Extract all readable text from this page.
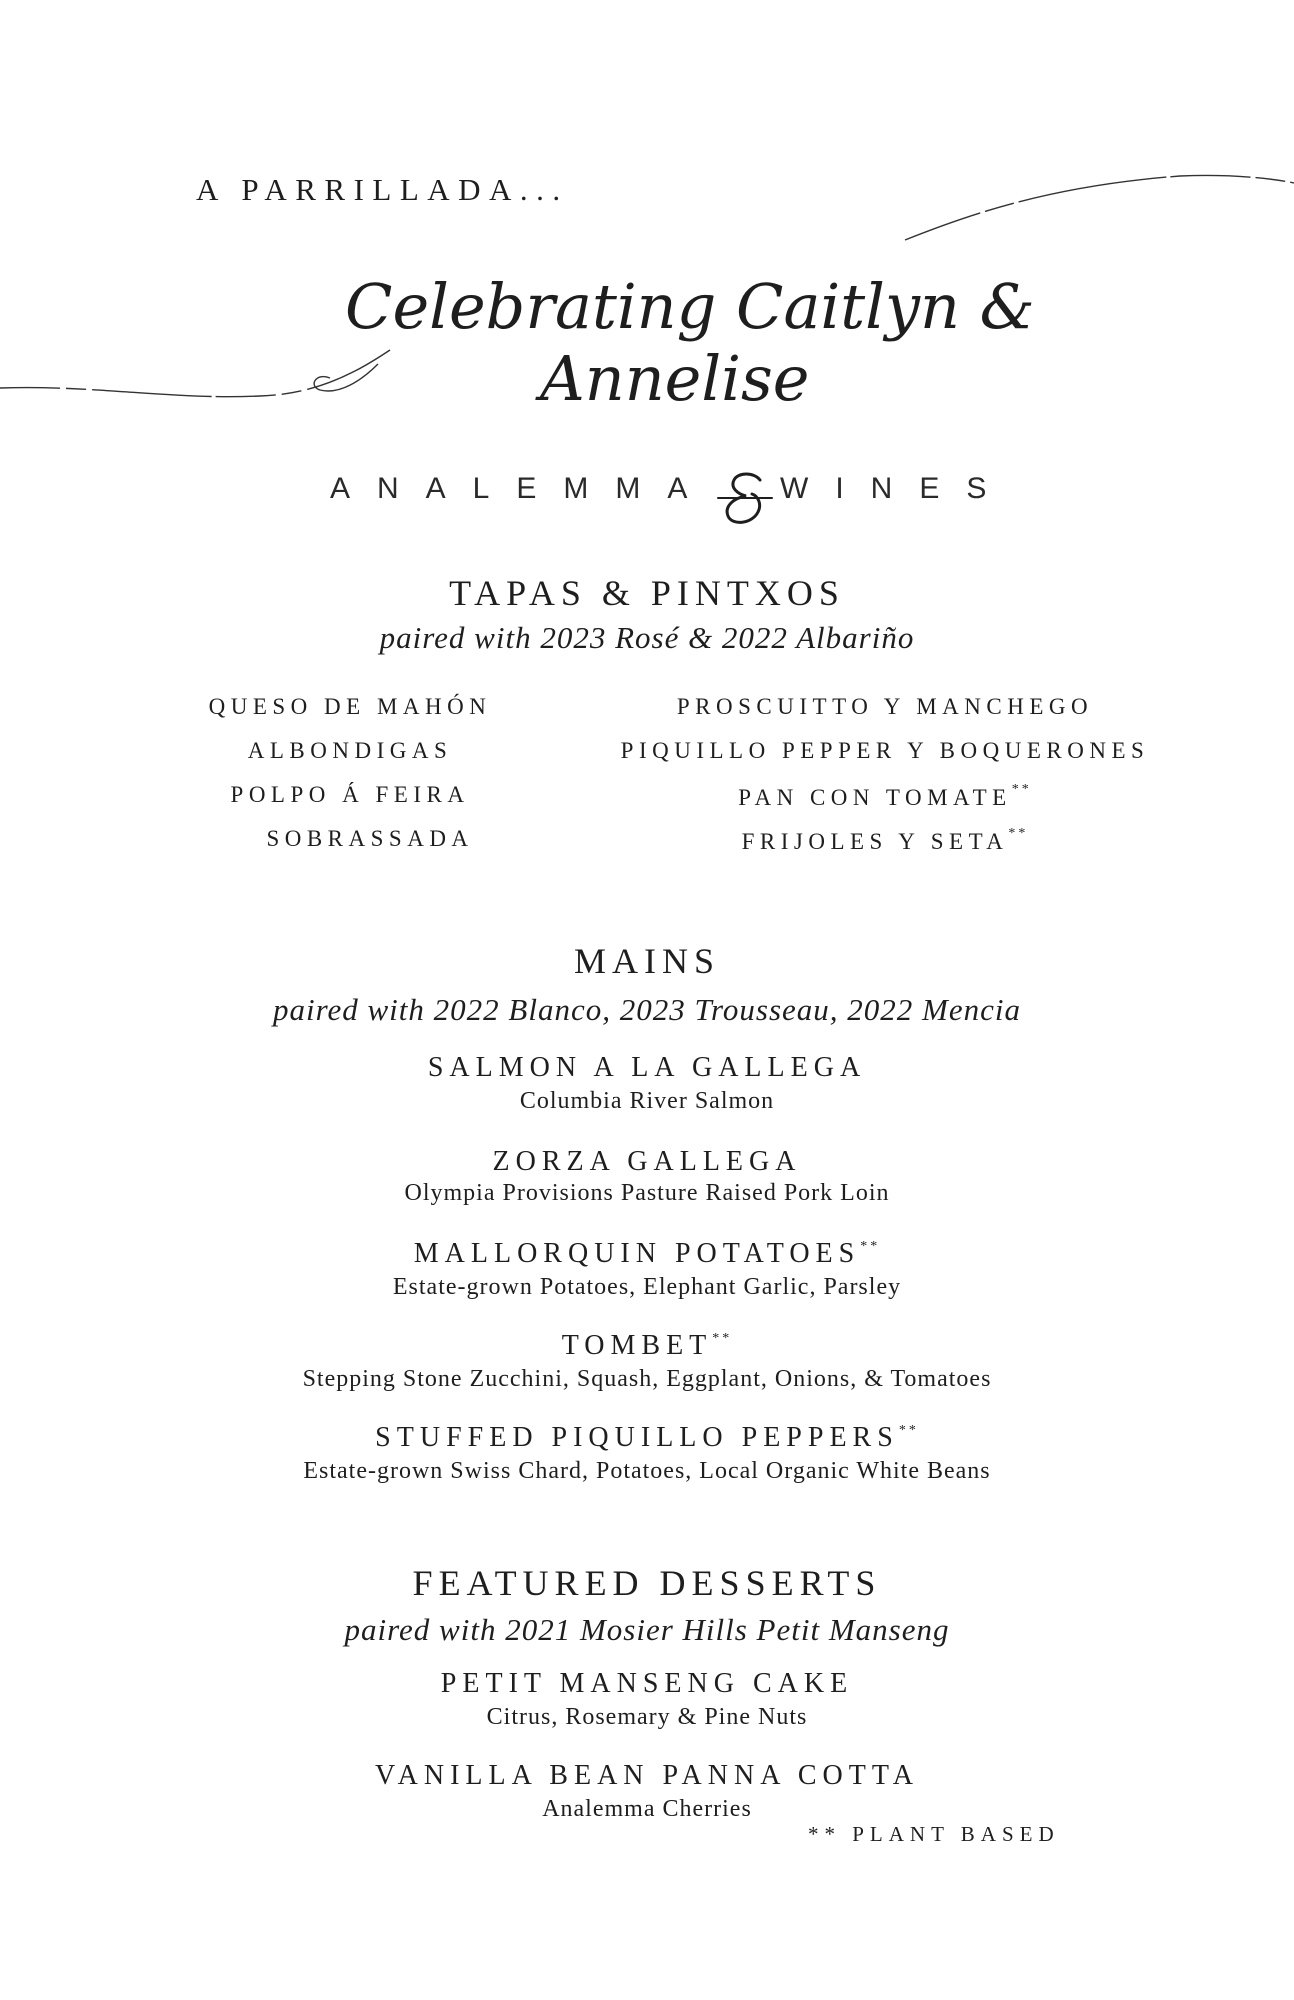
A PARRILLADA...
Celebrating Caitlyn &
Annelise
ANALEMMA WINES
TAPAS & PINTXOS
paired with 2023 Rosé & 2022 Albariño
QUESO DE MAHÓN
ALBONDIGAS
POLPO Á FEIRA
SOBRASSADA
PROSCUITTO Y MANCHEGO
PIQUILLO PEPPER Y BOQUERONES
PAN CON TOMATE**
FRIJOLES Y SETA**
MAINS
paired with 2022 Blanco, 2023 Trousseau, 2022 Mencia
SALMON A LA GALLEGA
Columbia River Salmon
ZORZA GALLEGA
Olympia Provisions Pasture Raised Pork Loin
MALLORQUIN POTATOES**
Estate-grown Potatoes, Elephant Garlic, Parsley
TOMBET**
Stepping Stone Zucchini, Squash, Eggplant, Onions, & Tomatoes
STUFFED PIQUILLO PEPPERS**
Estate-grown Swiss Chard, Potatoes, Local Organic White Beans
FEATURED DESSERTS
paired with 2021 Mosier Hills Petit Manseng
PETIT MANSENG CAKE
Citrus, Rosemary & Pine Nuts
VANILLA BEAN PANNA COTTA
Analemma Cherries
** PLANT BASED
